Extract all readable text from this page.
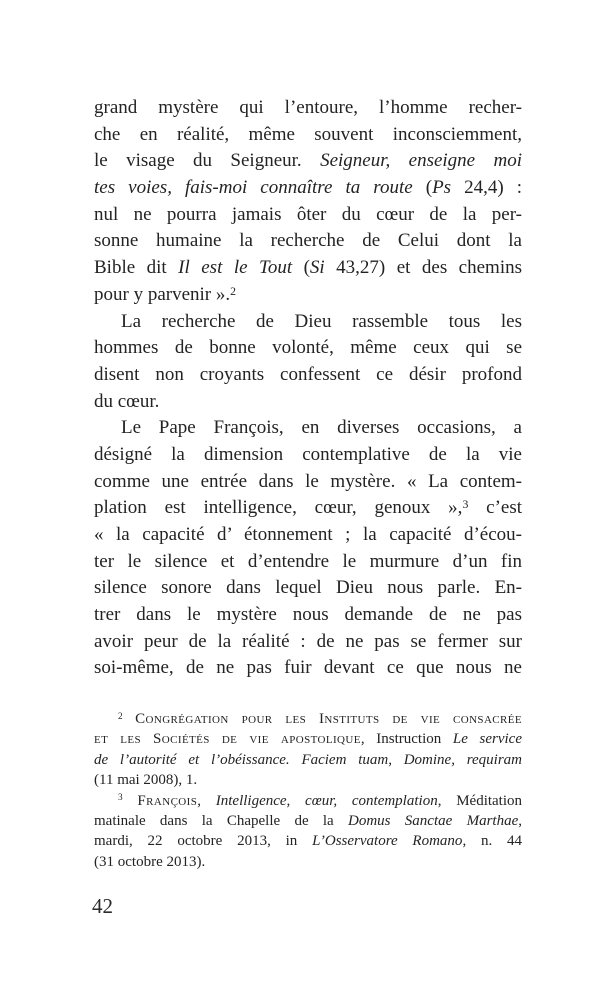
grand mystère qui l’entoure, l’homme recher-
che en réalité, même souvent inconsciemment,
le visage du Seigneur. Seigneur, enseigne moi
tes voies, fais-moi connaître ta route (Ps 24,4) :
nul ne pourra jamais ôter du cœur de la per-
sonne humaine la recherche de Celui dont la
Bible dit Il est le Tout (Si 43,27) et des chemins
pour y parvenir ».$^2$
La recherche de Dieu rassemble tous les
hommes de bonne volonté, même ceux qui se
disent non croyants confessent ce désir profond
du cœur.
Le Pape François, en diverses occasions, a
désigné la dimension contemplative de la vie
comme une entrée dans le mystère. « La contem-
plation est intelligence, cœur, genoux »,$^3$ c’est
« la capacité d’ étonnement ; la capacité d’écou-
ter le silence et d’entendre le murmure d’un fin
silence sonore dans lequel Dieu nous parle. En-
trer dans le mystère nous demande de ne pas
avoir peur de la réalité : de ne pas se fermer sur
soi-même, de ne pas fuir devant ce que nous ne
$^2$ Congrégation pour les Instituts de vie consacrée
et les Sociétés de vie apostolique, Instruction Le service
de l’autorité et l’obéissance. Faciem tuam, Domine, requiram
(11 mai 2008), 1.
$^3$ François, Intelligence, cœur, contemplation, Méditation
matinale dans la Chapelle de la Domus Sanctae Marthae,
mardi, 22 octobre 2013, in L’Osservatore Romano, n. 44
(31 octobre 2013).
42
